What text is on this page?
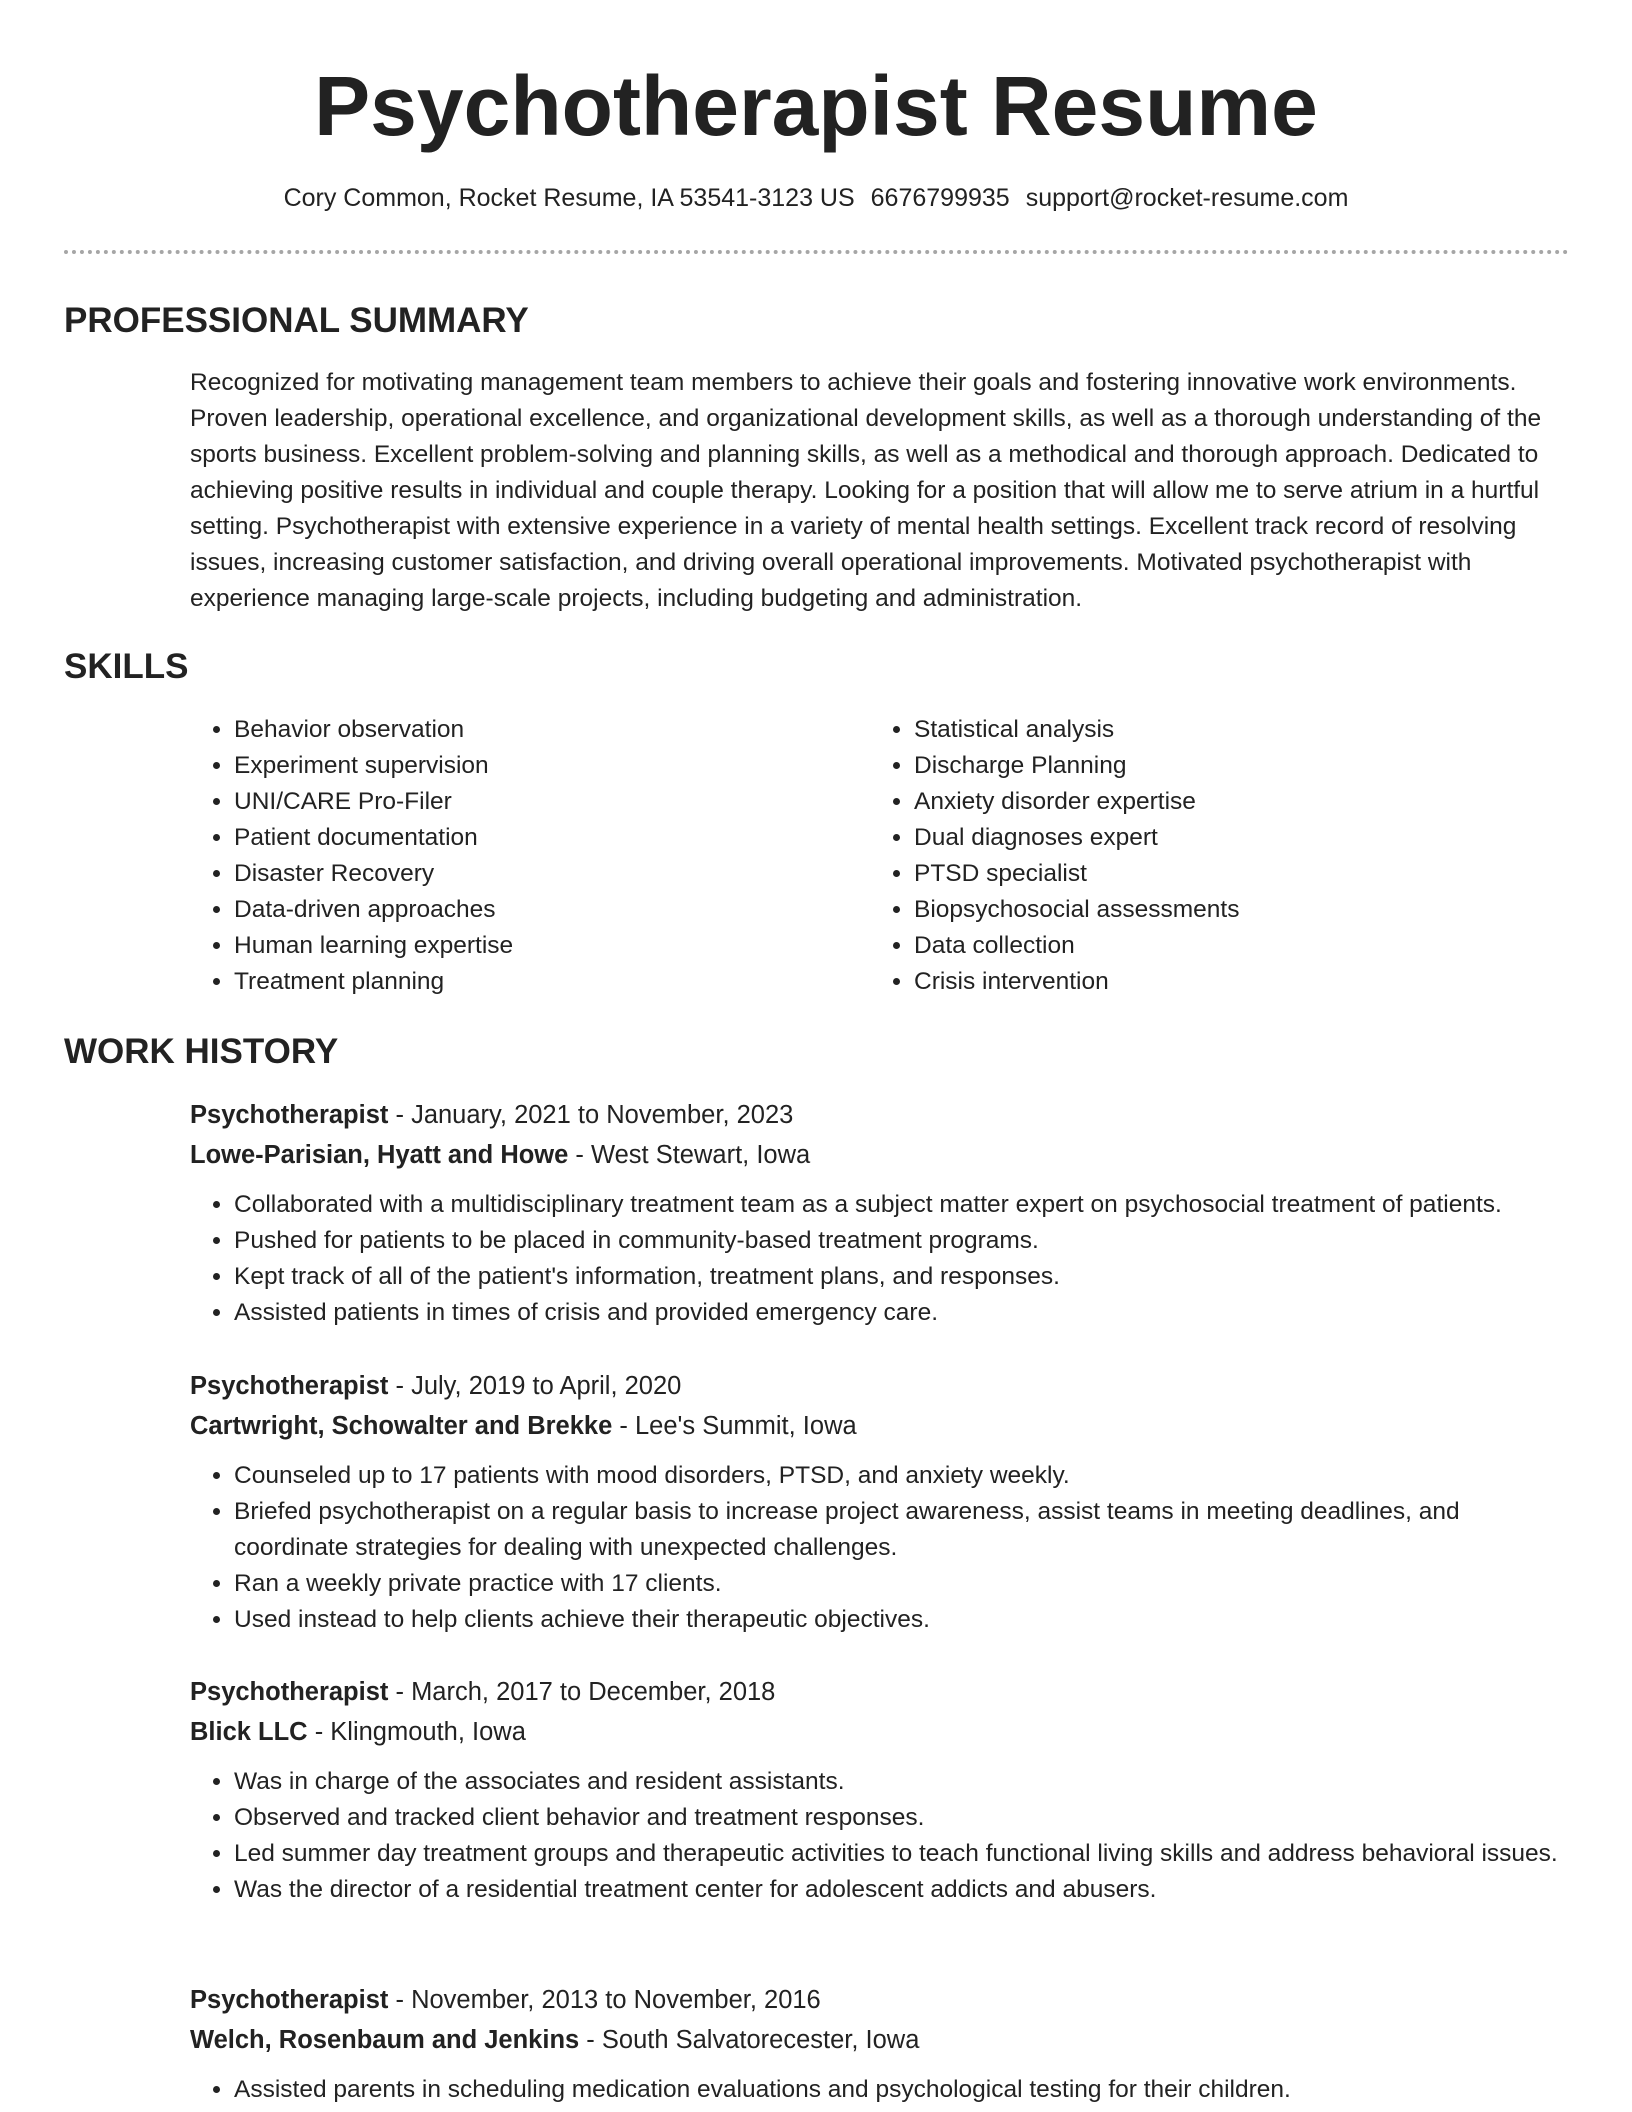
Psychotherapist Resume
Cory Common, Rocket Resume, IA 53541-3123 US 6676799935 support@rocket-resume.com
PROFESSIONAL SUMMARY

Recognized for motivating management team members to achieve their goals and fostering innovative work environments. Proven leadership, operational excellence, and organizational development skills, as well as a thorough understanding of the sports business. Excellent problem-solving and planning skills, as well as a methodical and thorough approach. Dedicated to achieving positive results in individual and couple therapy. Looking for a position that will allow me to serve atrium in a hurtful setting. Psychotherapist with extensive experience in a variety of mental health settings. Excellent track record of resolving issues, increasing customer satisfaction, and driving overall operational improvements. Motivated psychotherapist with experience managing large-scale projects, including budgeting and administration.

SKILLS
• Behavior observation
• Experiment supervision
• UNI/CARE Pro-Filer
• Patient documentation
• Disaster Recovery
• Data-driven approaches
• Human learning expertise
• Treatment planning
• Statistical analysis
• Discharge Planning
• Anxiety disorder expertise
• Dual diagnoses expert
• PTSD specialist
• Biopsychosocial assessments
• Data collection
• Crisis intervention
WORK HISTORY
Psychotherapist - January, 2021 to November, 2023
Lowe-Parisian, Hyatt and Howe - West Stewart, Iowa
• Collaborated with a multidisciplinary treatment team as a subject matter expert on psychosocial treatment of patients.
• Pushed for patients to be placed in community-based treatment programs.
• Kept track of all of the patient's information, treatment plans, and responses.
• Assisted patients in times of crisis and provided emergency care.
Psychotherapist - July, 2019 to April, 2020
Cartwright, Schowalter and Brekke - Lee's Summit, Iowa
• Counseled up to 17 patients with mood disorders, PTSD, and anxiety weekly.
• Briefed psychotherapist on a regular basis to increase project awareness, assist teams in meeting deadlines, and coordinate strategies for dealing with unexpected challenges.
• Ran a weekly private practice with 17 clients.
• Used instead to help clients achieve their therapeutic objectives.
Psychotherapist - March, 2017 to December, 2018
Blick LLC - Klingmouth, Iowa
• Was in charge of the associates and resident assistants.
• Observed and tracked client behavior and treatment responses.
• Led summer day treatment groups and therapeutic activities to teach functional living skills and address behavioral issues.
• Was the director of a residential treatment center for adolescent addicts and abusers.
Psychotherapist - November, 2013 to November, 2016
Welch, Rosenbaum and Jenkins - South Salvatorecester, Iowa
• Assisted parents in scheduling medication evaluations and psychological testing for their children.
